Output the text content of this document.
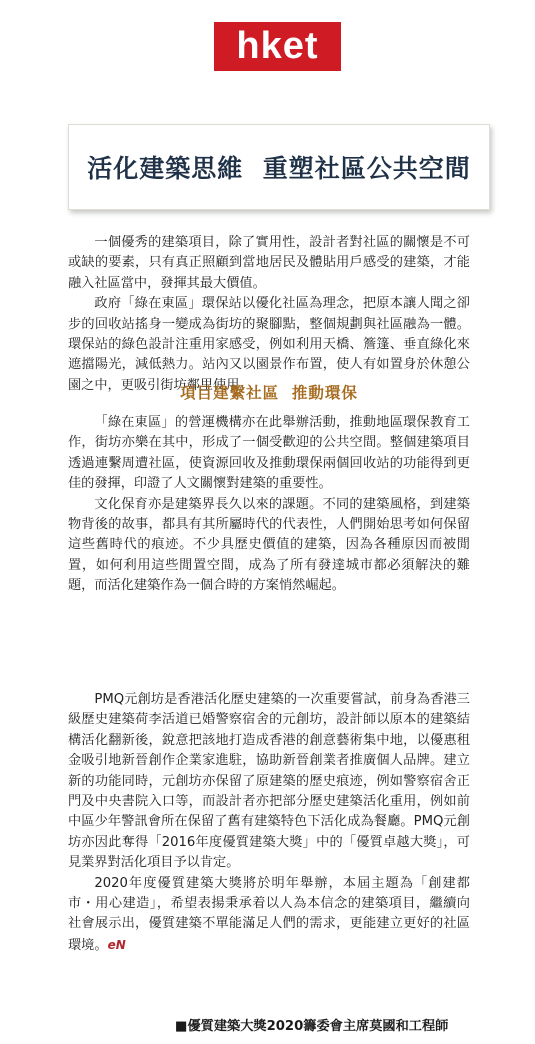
hket
活化建築思維  重塑社區公共空間

一個優秀的建築項目，除了實用性，設計者對社區的關懷是不可或缺的要素，只有真正照顧到當地居民及體貼用戶感受的建築，才能融入社區當中，發揮其最大價值。

政府「綠在東區」環保站以優化社區為理念，把原本讓人聞之卻步的回收站搖身一變成為街坊的聚腳點，整個規劃與社區融為一體。環保站的綠色設計注重用家感受，例如利用天橋、簷篷、垂直綠化來遮擋陽光，減低熱力。站內又以園景作布置，使人有如置身於休憩公園之中，更吸引街坊鄰里使用。

項目建繫社區  推動環保

「綠在東區」的營運機構亦在此舉辦活動，推動地區環保教育工作，街坊亦樂在其中，形成了一個受歡迎的公共空間。整個建築項目透過連繫周遭社區，使資源回收及推動環保兩個回收站的功能得到更佳的發揮，印證了人文關懷對建築的重要性。

文化保育亦是建築界長久以來的課題。不同的建築風格，到建築物背後的故事，都具有其所屬時代的代表性，人們開始思考如何保留這些舊時代的痕迹。不少具歷史價值的建築，因為各種原因而被閒置，如何利用這些閒置空間，成為了所有發達城市都必須解決的難題，而活化建築作為一個合時的方案悄然崛起。

PMQ元創坊是香港活化歷史建築的一次重要嘗試，前身為香港三級歷史建築荷李活道已婚警察宿舍的元創坊，設計師以原本的建築結構活化翻新後，銳意把該地打造成香港的創意藝術集中地，以優惠租金吸引地新晉創作企業家進駐，協助新晉創業者推廣個人品牌。建立新的功能同時，元創坊亦保留了原建築的歷史痕迹，例如警察宿舍正門及中央書院入口等，而設計者亦把部分歷史建築活化重用，例如前中區少年警訊會所在保留了舊有建築特色下活化成為餐廳。PMQ元創坊亦因此奪得「2016年度優質建築大獎」中的「優質卓越大獎」，可見業界對活化項目予以肯定。

2020年度優質建築大獎將於明年舉辦，本屆主題為「創建都市・用心建造」，希望表揚秉承着以人為本信念的建築項目，繼續向社會展示出，優質建築不單能滿足人們的需求，更能建立更好的社區環境。eN

■優質建築大獎2020籌委會主席莫國和工程師
